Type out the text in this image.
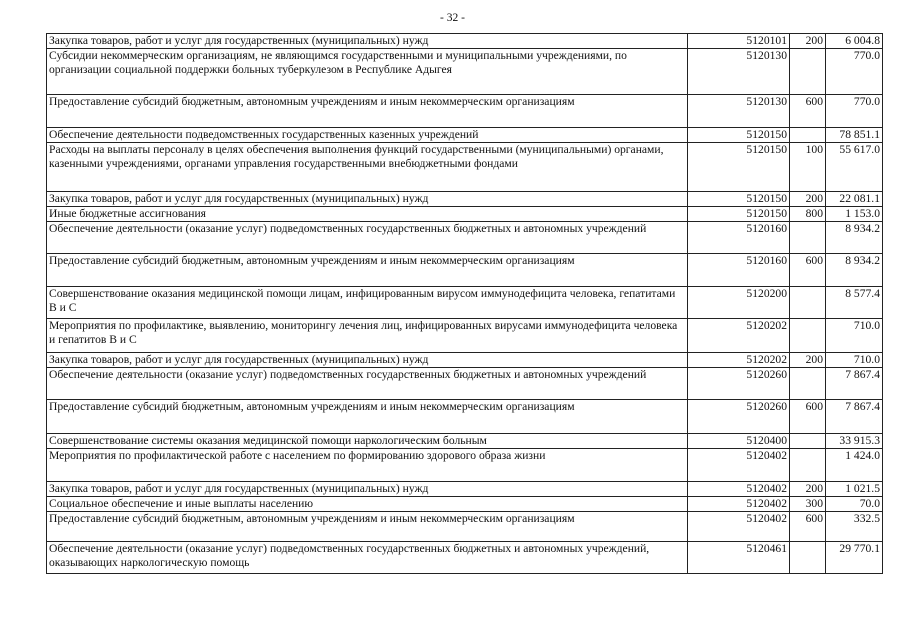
- 32 -
Закупка товаров, работ и услуг для государственных (муниципальных) нужд	5120101	200	6 004.8
Субсидии некоммерческим организациям, не являющимся государственными и муниципальными учреждениями, по организации социальной поддержки больных туберкулезом в Республике Адыгея	5120130		770.0
Предоставление субсидий бюджетным, автономным учреждениям и иным некоммерческим организациям	5120130	600	770.0
Обеспечение деятельности подведомственных государственных казенных учреждений	5120150		78 851.1
Расходы на выплаты персоналу в целях обеспечения выполнения функций государственными (муниципальными) органами, казенными учреждениями, органами управления государственными внебюджетными фондами	5120150	100	55 617.0
Закупка товаров, работ и услуг для государственных (муниципальных) нужд	5120150	200	22 081.1
Иные бюджетные ассигнования	5120150	800	1 153.0
Обеспечение деятельности (оказание услуг) подведомственных государственных бюджетных и автономных учреждений	5120160		8 934.2
Предоставление субсидий бюджетным, автономным учреждениям и иным некоммерческим организациям	5120160	600	8 934.2
Совершенствование оказания медицинской помощи лицам, инфицированным вирусом иммунодефицита человека, гепатитами В и С	5120200		8 577.4
Мероприятия по профилактике, выявлению, мониторингу лечения лиц, инфицированных вирусами иммунодефицита человека и гепатитов В и С	5120202		710.0
Закупка товаров, работ и услуг для государственных (муниципальных) нужд	5120202	200	710.0
Обеспечение деятельности (оказание услуг) подведомственных государственных бюджетных и автономных учреждений	5120260		7 867.4
Предоставление субсидий бюджетным, автономным учреждениям и иным некоммерческим организациям	5120260	600	7 867.4
Совершенствование системы оказания медицинской помощи наркологическим больным	5120400		33 915.3
Мероприятия по профилактической работе с населением по формированию здорового образа жизни	5120402		1 424.0
Закупка товаров, работ и услуг для государственных (муниципальных) нужд	5120402	200	1 021.5
Социальное обеспечение и иные выплаты населению	5120402	300	70.0
Предоставление субсидий бюджетным, автономным учреждениям и иным некоммерческим организациям	5120402	600	332.5
Обеспечение деятельности (оказание услуг) подведомственных государственных бюджетных и автономных учреждений, оказывающих наркологическую помощь	5120461		29 770.1
